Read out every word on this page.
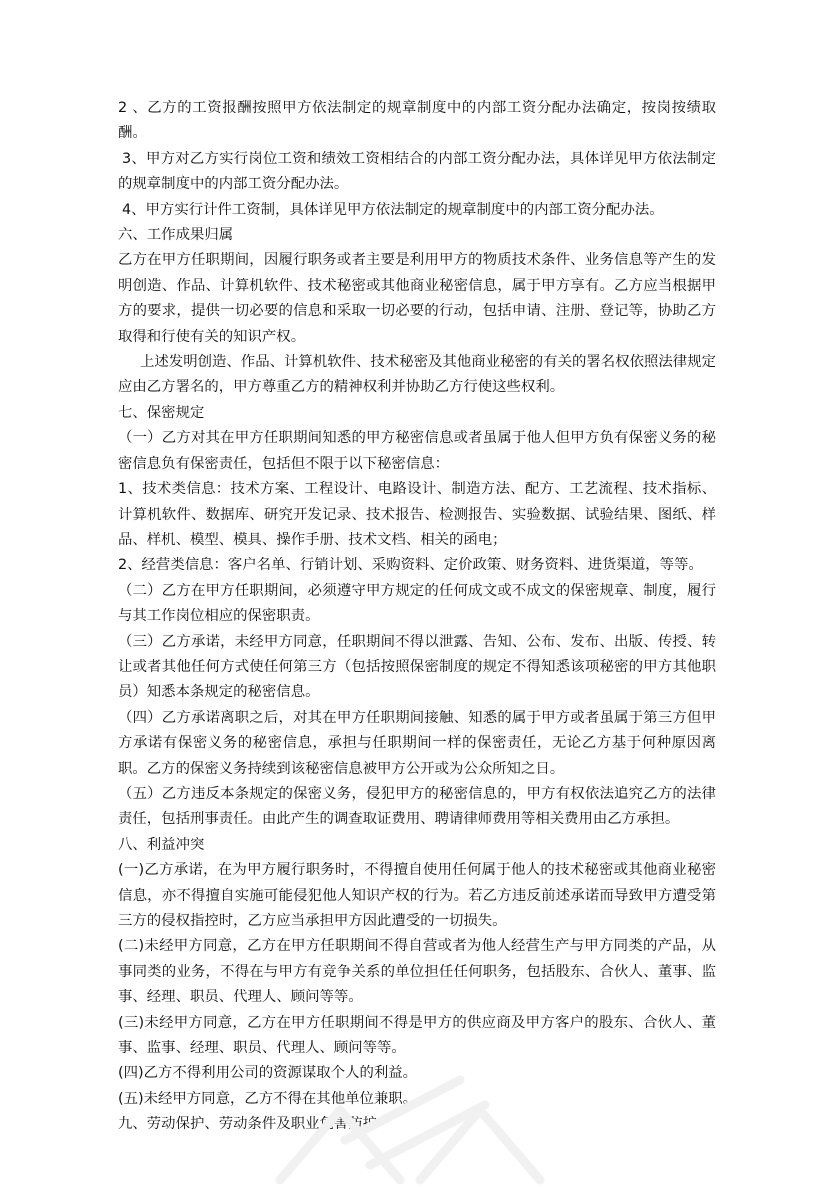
2 、乙方的工资报酬按照甲方依法制定的规章制度中的内部工资分配办法确定，按岗按绩取酬。

3、甲方对乙方实行岗位工资和绩效工资相结合的内部工资分配办法，具体详见甲方依法制定的规章制度中的内部工资分配办法。

4、甲方实行计件工资制，具体详见甲方依法制定的规章制度中的内部工资分配办法。

六、工作成果归属

乙方在甲方任职期间，因履行职务或者主要是利用甲方的物质技术条件、业务信息等产生的发明创造、作品、计算机软件、技术秘密或其他商业秘密信息，属于甲方享有。乙方应当根据甲方的要求，提供一切必要的信息和采取一切必要的行动，包括申请、注册、登记等，协助乙方取得和行使有关的知识产权。

上述发明创造、作品、计算机软件、技术秘密及其他商业秘密的有关的署名权依照法律规定应由乙方署名的，甲方尊重乙方的精神权利并协助乙方行使这些权利。

七、保密规定

（一）乙方对其在甲方任职期间知悉的甲方秘密信息或者虽属于他人但甲方负有保密义务的秘密信息负有保密责任，包括但不限于以下秘密信息：

1、技术类信息：技术方案、工程设计、电路设计、制造方法、配方、工艺流程、技术指标、计算机软件、数据库、研究开发记录、技术报告、检测报告、实验数据、试验结果、图纸、样品、样机、模型、模具、操作手册、技术文档、相关的函电；

2、经营类信息：客户名单、行销计划、采购资料、定价政策、财务资料、进货渠道，等等。

（二）乙方在甲方任职期间，必须遵守甲方规定的任何成文或不成文的保密规章、制度，履行与其工作岗位相应的保密职责。

（三）乙方承诺，未经甲方同意，任职期间不得以泄露、告知、公布、发布、出版、传授、转让或者其他任何方式使任何第三方（包括按照保密制度的规定不得知悉该项秘密的甲方其他职员）知悉本条规定的秘密信息。

（四）乙方承诺离职之后，对其在甲方任职期间接触、知悉的属于甲方或者虽属于第三方但甲方承诺有保密义务的秘密信息，承担与任职期间一样的保密责任，无论乙方基于何种原因离职。乙方的保密义务持续到该秘密信息被甲方公开或为公众所知之日。

（五）乙方违反本条规定的保密义务，侵犯甲方的秘密信息的，甲方有权依法追究乙方的法律责任，包括刑事责任。由此产生的调查取证费用、聘请律师费用等相关费用由乙方承担。

八、利益冲突

(一)乙方承诺，在为甲方履行职务时，不得擅自使用任何属于他人的技术秘密或其他商业秘密信息，亦不得擅自实施可能侵犯他人知识产权的行为。若乙方违反前述承诺而导致甲方遭受第三方的侵权指控时，乙方应当承担甲方因此遭受的一切损失。

(二)未经甲方同意，乙方在甲方任职期间不得自营或者为他人经营生产与甲方同类的产品，从事同类的业务，不得在与甲方有竞争关系的单位担任任何职务，包括股东、合伙人、董事、监事、经理、职员、代理人、顾问等等。

(三)未经甲方同意，乙方在甲方任职期间不得是甲方的供应商及甲方客户的股东、合伙人、董事、监事、经理、职员、代理人、顾问等等。

(四)乙方不得利用公司的资源谋取个人的利益。

(五)未经甲方同意，乙方不得在其他单位兼职。

九、劳动保护、劳动条件及职业危害防护
